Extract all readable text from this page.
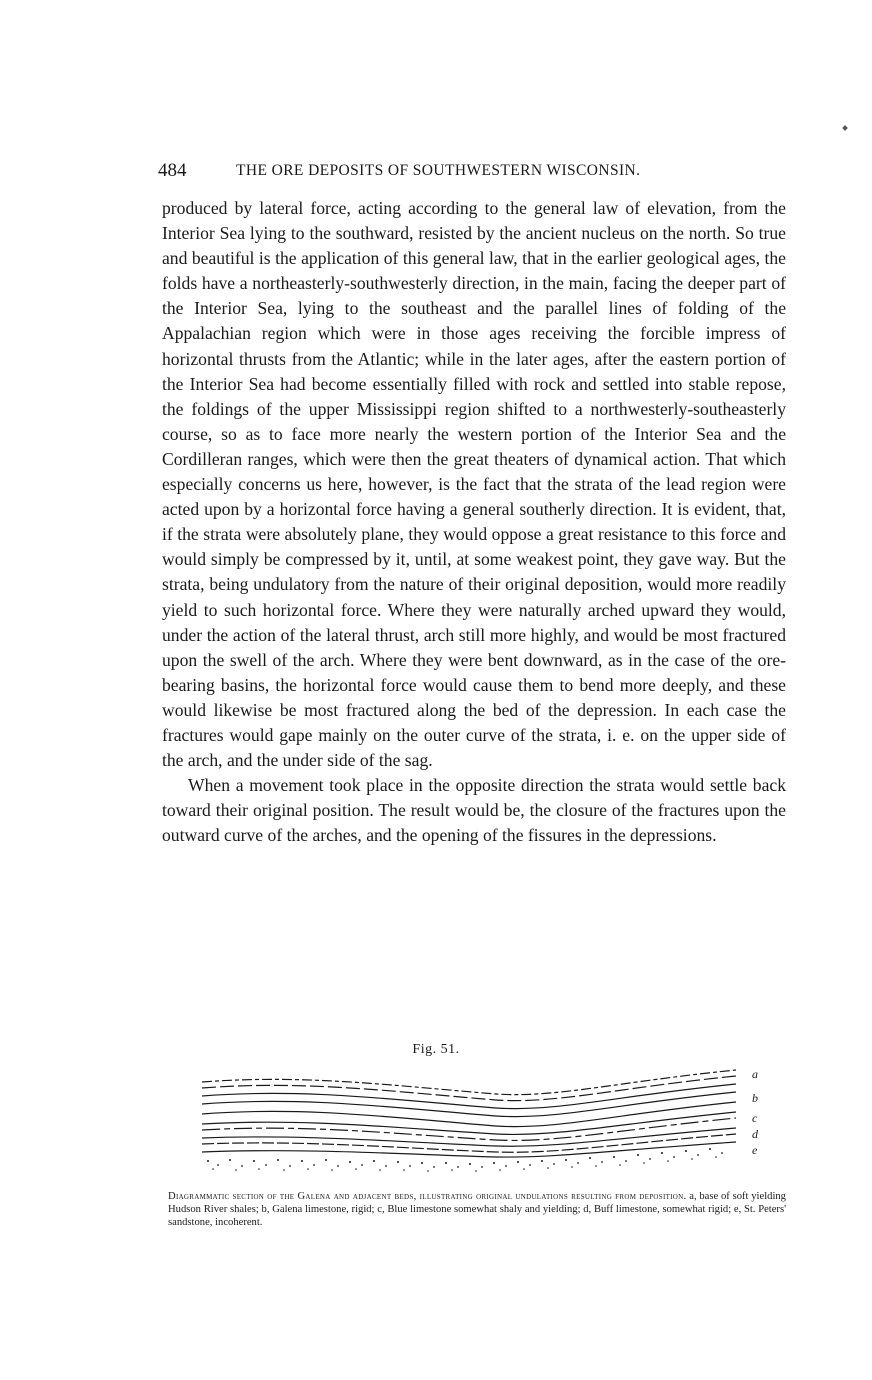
484	THE ORE DEPOSITS OF SOUTHWESTERN WISCONSIN.

produced by lateral force, acting according to the general law of elevation, from the Interior Sea lying to the southward, resisted by the ancient nucleus on the north. So true and beautiful is the application of this general law, that in the earlier geological ages, the folds have a northeasterly-southwesterly direction, in the main, facing the deeper part of the Interior Sea, lying to the southeast and the parallel lines of folding of the Appalachian region which were in those ages receiving the forcible impress of horizontal thrusts from the Atlantic; while in the later ages, after the eastern portion of the Interior Sea had become essentially filled with rock and settled into stable repose, the foldings of the upper Mississippi region shifted to a northwesterly-southeasterly course, so as to face more nearly the western portion of the Interior Sea and the Cordilleran ranges, which were then the great theaters of dynamical action. That which especially concerns us here, however, is the fact that the strata of the lead region were acted upon by a horizontal force having a general southerly direction. It is evident, that, if the strata were absolutely plane, they would oppose a great resistance to this force and would simply be compressed by it, until, at some weakest point, they gave way. But the strata, being undulatory from the nature of their original deposition, would more readily yield to such horizontal force. Where they were naturally arched upward they would, under the action of the lateral thrust, arch still more highly, and would be most fractured upon the swell of the arch. Where they were bent downward, as in the case of the ore-bearing basins, the horizontal force would cause them to bend more deeply, and these would likewise be most fractured along the bed of the depression. In each case the fractures would gape mainly on the outer curve of the strata, i. e. on the upper side of the arch, and the under side of the sag.

When a movement took place in the opposite direction the strata would settle back toward their original position. The result would be, the closure of the fractures upon the outward curve of the arches, and the opening of the fissures in the depressions.

Fig. 51.
a
b
c
d
e
Diagrammatic section of the Galena and adjacent beds, illustrating original undulations resulting from deposition. a, base of soft yielding Hudson River shales; b, Galena limestone, rigid; c, Blue limestone somewhat shaly and yielding; d, Buff limestone, somewhat rigid; e, St. Peters' sandstone, incoherent.
